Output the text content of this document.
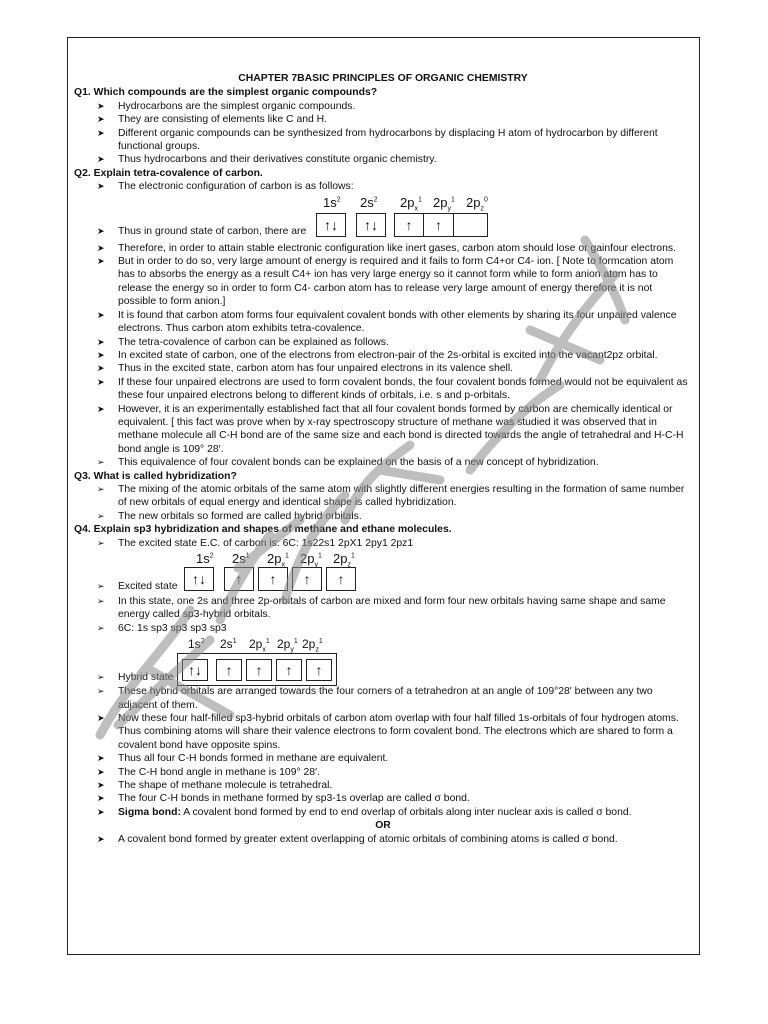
CHAPTER 7BASIC PRINCIPLES OF ORGANIC CHEMISTRY
Q1. Which compounds are the simplest organic compounds?
➤ Hydrocarbons are the simplest organic compounds.
➤ They are consisting of elements like C and H.
➤ Different organic compounds can be synthesized from hydrocarbons by displacing H atom of hydrocarbon by different functional groups.
➤ Thus hydrocarbons and their derivatives constitute organic chemistry.
Q2. Explain tetra-covalence of carbon.
➤ The electronic configuration of carbon is as follows:
$1s^2$ $2s^2$ $2p_x^1$ $2p_y^1$ $2p_z^0$
↑↓	↑↓	↑	↑
➤ Thus in ground state of carbon, there are
➤ Therefore, in order to attain stable electronic configuration like inert gases, carbon atom should lose or gainfour electrons.
➤ But in order to do so, very large amount of energy is required and it fails to form C4+or C4- ion. [ Note to formcation atom has to absorbs the energy as a result C4+ ion has very large energy so it cannot form while to form anion atom has to release the energy so in order to form C4- carbon atom has to release very large amount of energy therefore it is not possible to form anion.]
➤ It is found that carbon atom forms four equivalent covalent bonds with other elements by sharing its four unpaired valence electrons. Thus carbon atom exhibits tetra-covalence.
➤ The tetra-covalence of carbon can be explained as follows.
➤ In excited state of carbon, one of the electrons from electron-pair of the 2s-orbital is excited into the vacant2pz orbital.
➤ Thus in the excited state, carbon atom has four unpaired electrons in its valence shell.
➤ If these four unpaired electrons are used to form covalent bonds, the four covalent bonds formed would not be equivalent as these four unpaired electrons belong to different kinds of orbitals, i.e. s and p-orbitals.
➤ However, it is an experimentally established fact that all four covalent bonds formed by carbon are chemically identical or equivalent. [ this fact was prove when by x-ray spectroscopy structure of methane was studied it was observed that in methane molecule all C-H bond are of the same size and each bond is directed towards the angle of tetrahedral and H-C-H bond angle is 109° 28′.
➢ This equivalence of four covalent bonds can be explained on the basis of a new concept of hybridization.
Q3. What is called hybridization?
➢ The mixing of the atomic orbitals of the same atom with slightly different energies resulting in the formation of same number of new orbitals of equal energy and identical shape is called hybridization.
➢ The new orbitals so formed are called hybrid orbitals.
Q4. Explain sp3 hybridization and shapes of methane and ethane molecules.
➢ The excited state E.C. of carbon is: 6C: 1s22s1 2pX1 2py1 2pz1
$1s^2$ $2s^1$ $2p_x^1$ $2p_y^1$ $2p_z^1$
↑↓	↑	↑	↑	↑
➢ Excited state
➢ In this state, one 2s and three 2p-orbitals of carbon are mixed and form four new orbitals having same shape and same energy called sp3-hybrid orbitals.
➢ 6C: 1s sp3 sp3 sp3 sp3
$1s^2$ $2s^1$ $2p_x^1$ $2p_y^1$ $2p_z^1$
↑↓	↑	↑	↑	↑
➢ Hybrid state
➢ These hybrid orbitals are arranged towards the four corners of a tetrahedron at an angle of 109°28′ between any two adjacent of them.
➤ Now these four half-filled sp3-hybrid orbitals of carbon atom overlap with four half filled 1s-orbitals of four hydrogen atoms. Thus combining atoms will share their valence electrons to form covalent bond. The electrons which are shared to form a covalent bond have opposite spins.
➤ Thus all four C-H bonds formed in methane are equivalent.
➤ The C-H bond angle in methane is 109° 28′.
➤ The shape of methane molecule is tetrahedral.
➤ The four C-H bonds in methane formed by sp3-1s overlap are called σ bond.
➤ Sigma bond: A covalent bond formed by end to end overlap of orbitals along inter nuclear axis is called σ bond.
OR
➤ A covalent bond formed by greater extent overlapping of atomic orbitals of combining atoms is called σ bond.
